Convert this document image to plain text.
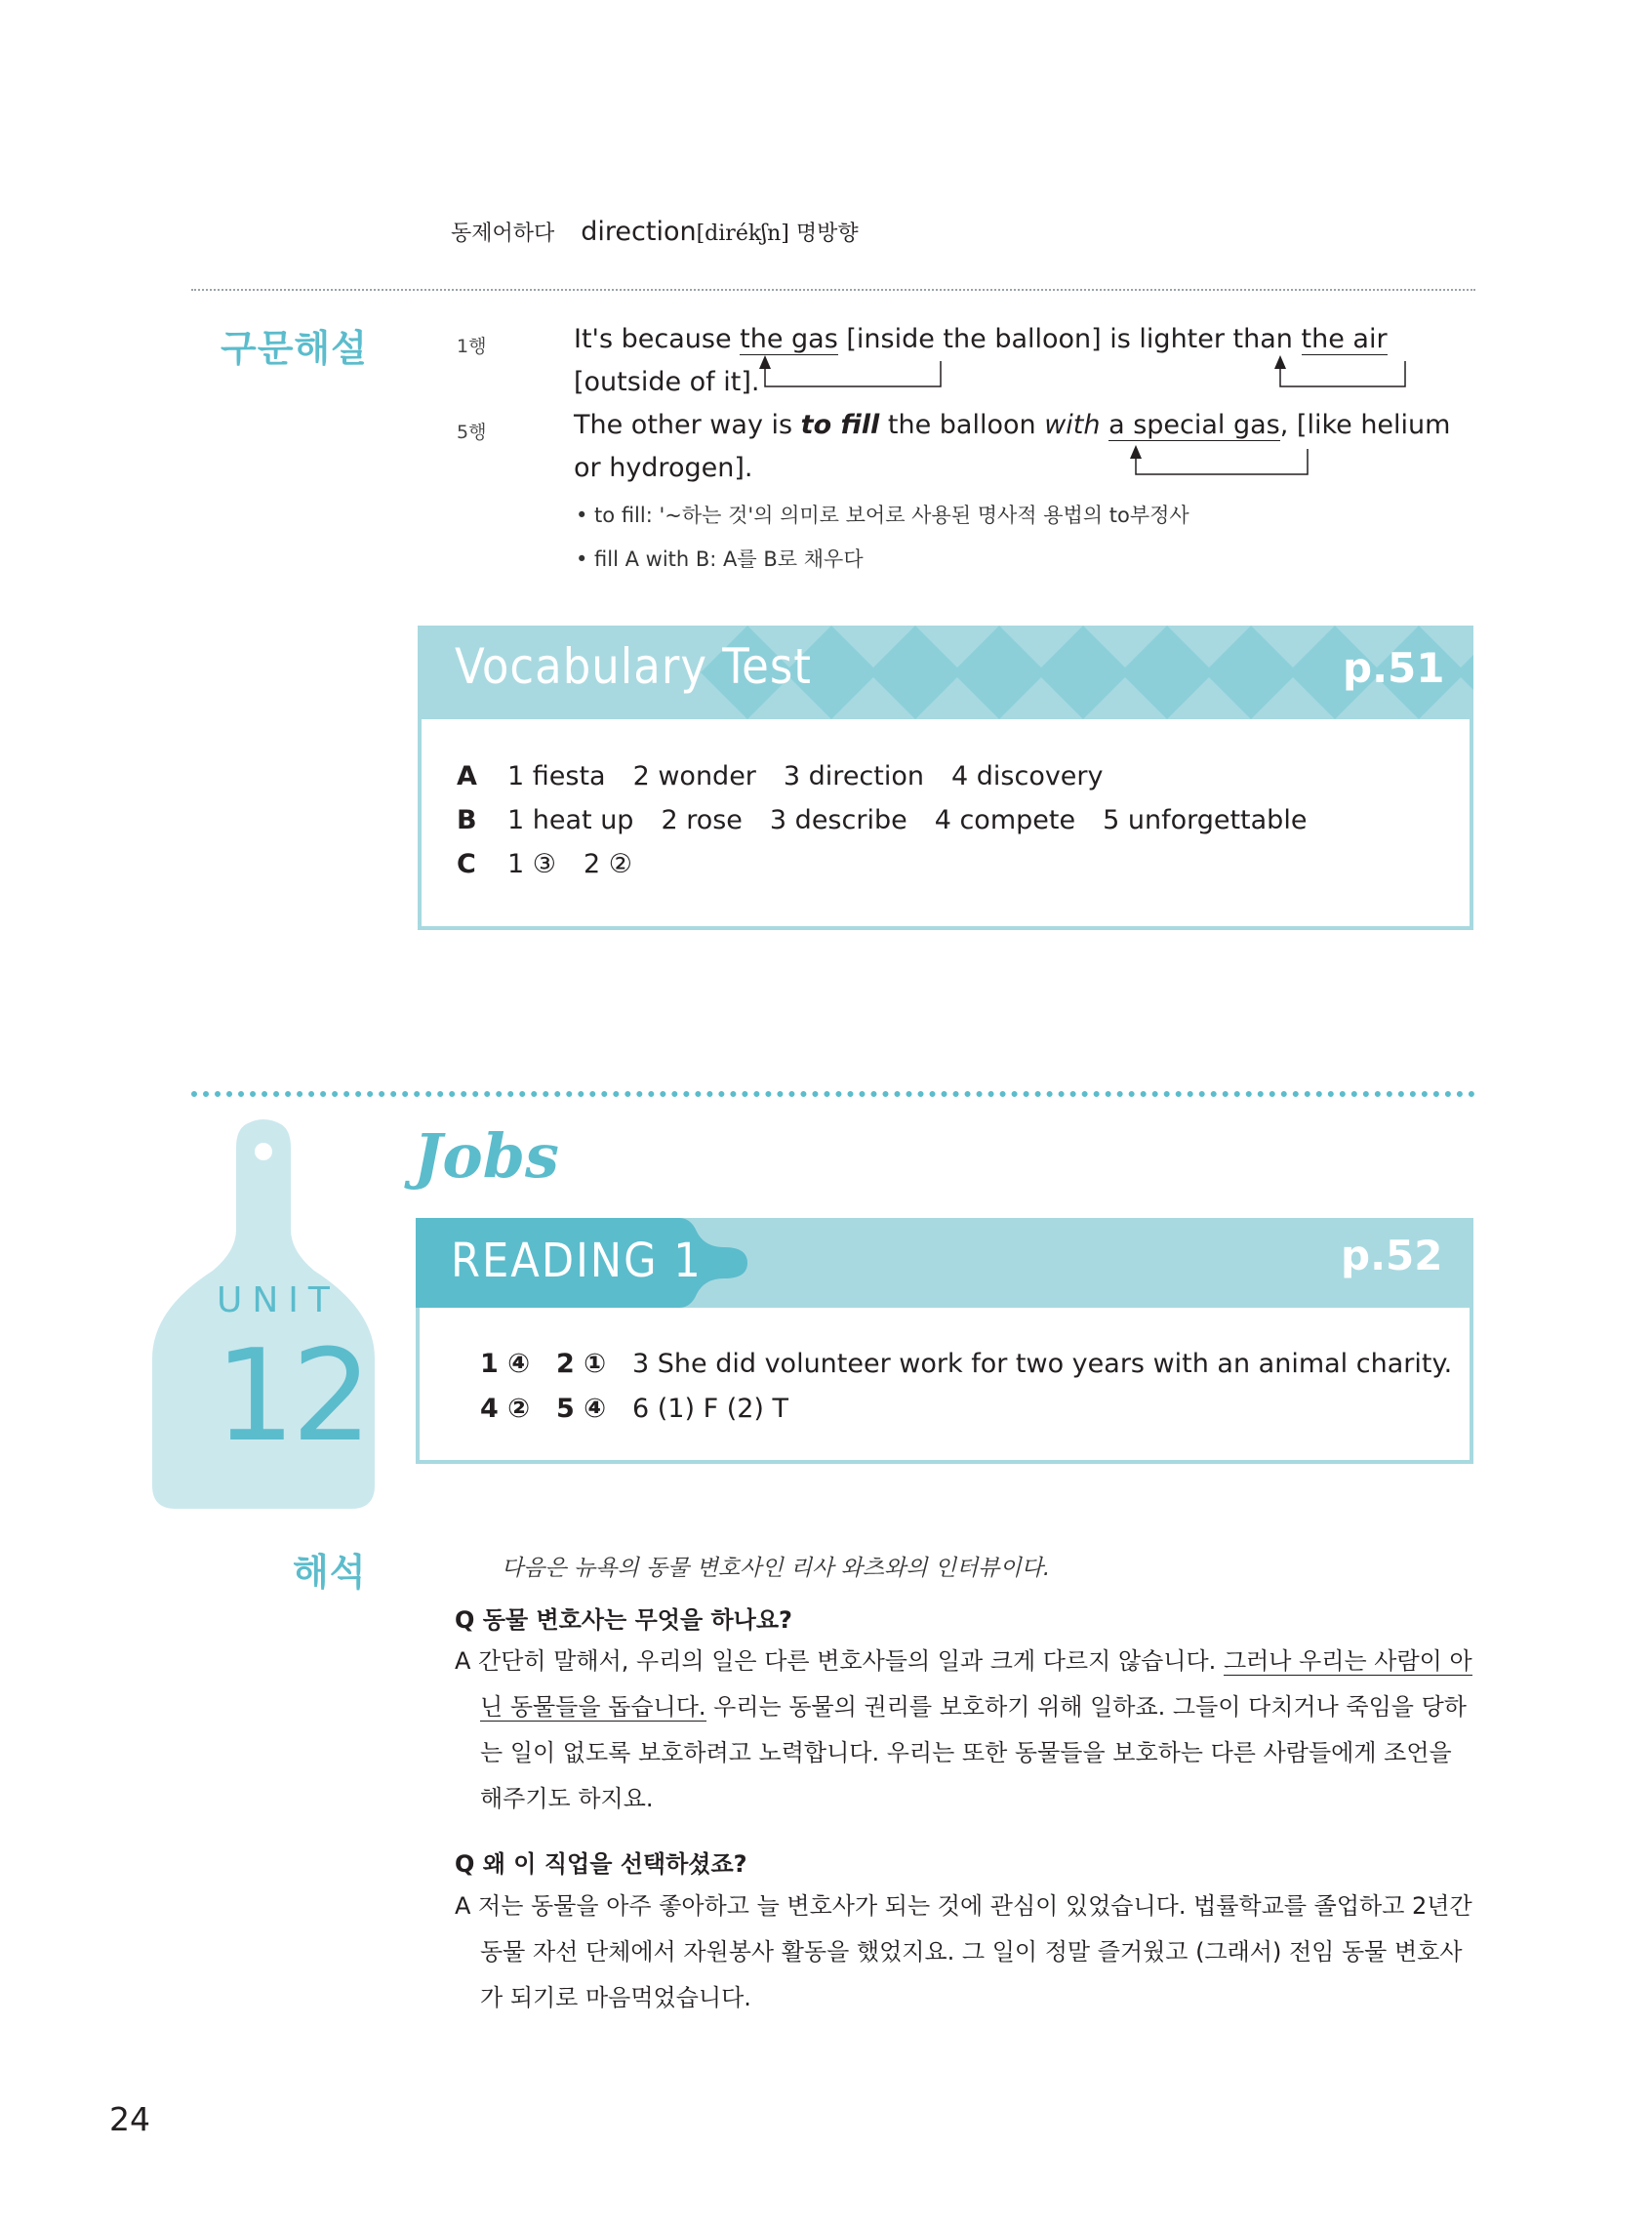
동제어하다 direction[dirékʃn] 명방향
구문해설	1행	It's because the gas [inside the balloon] is lighter than the air [outside of it].
5행	The other way is to fill the balloon with a special gas, [like helium or hydrogen].
• to fill: '~하는 것'의 의미로 보어로 사용된 명사적 용법의 to부정사
• fill A with B: A를 B로 채우다
Vocabulary Test	p.51
A 1 fiesta 2 wonder 3 direction 4 discovery
B 1 heat up 2 rose 3 describe 4 compete 5 unforgettable
C 1 ③ 2 ②
UNIT
12
Jobs
READING 1	p.52
1 ④ 2 ① 3 She did volunteer work for two years with an animal charity.
4 ② 5 ④ 6 (1) F (2) T
해석	다음은 뉴욕의 동물 변호사인 리사 와츠와의 인터뷰이다.
Q 동물 변호사는 무엇을 하나요?
A 간단히 말해서, 우리의 일은 다른 변호사들의 일과 크게 다르지 않습니다. 그러나 우리는 사람이 아닌 동물들을 돕습니다. 우리는 동물의 권리를 보호하기 위해 일하죠. 그들이 다치거나 죽임을 당하는 일이 없도록 보호하려고 노력합니다. 우리는 또한 동물들을 보호하는 다른 사람들에게 조언을 해주기도 하지요.
Q 왜 이 직업을 선택하셨죠?
A 저는 동물을 아주 좋아하고 늘 변호사가 되는 것에 관심이 있었습니다. 법률학교를 졸업하고 2년간 동물 자선 단체에서 자원봉사 활동을 했었지요. 그 일이 정말 즐거웠고 (그래서) 전임 동물 변호사가 되기로 마음먹었습니다.
24
